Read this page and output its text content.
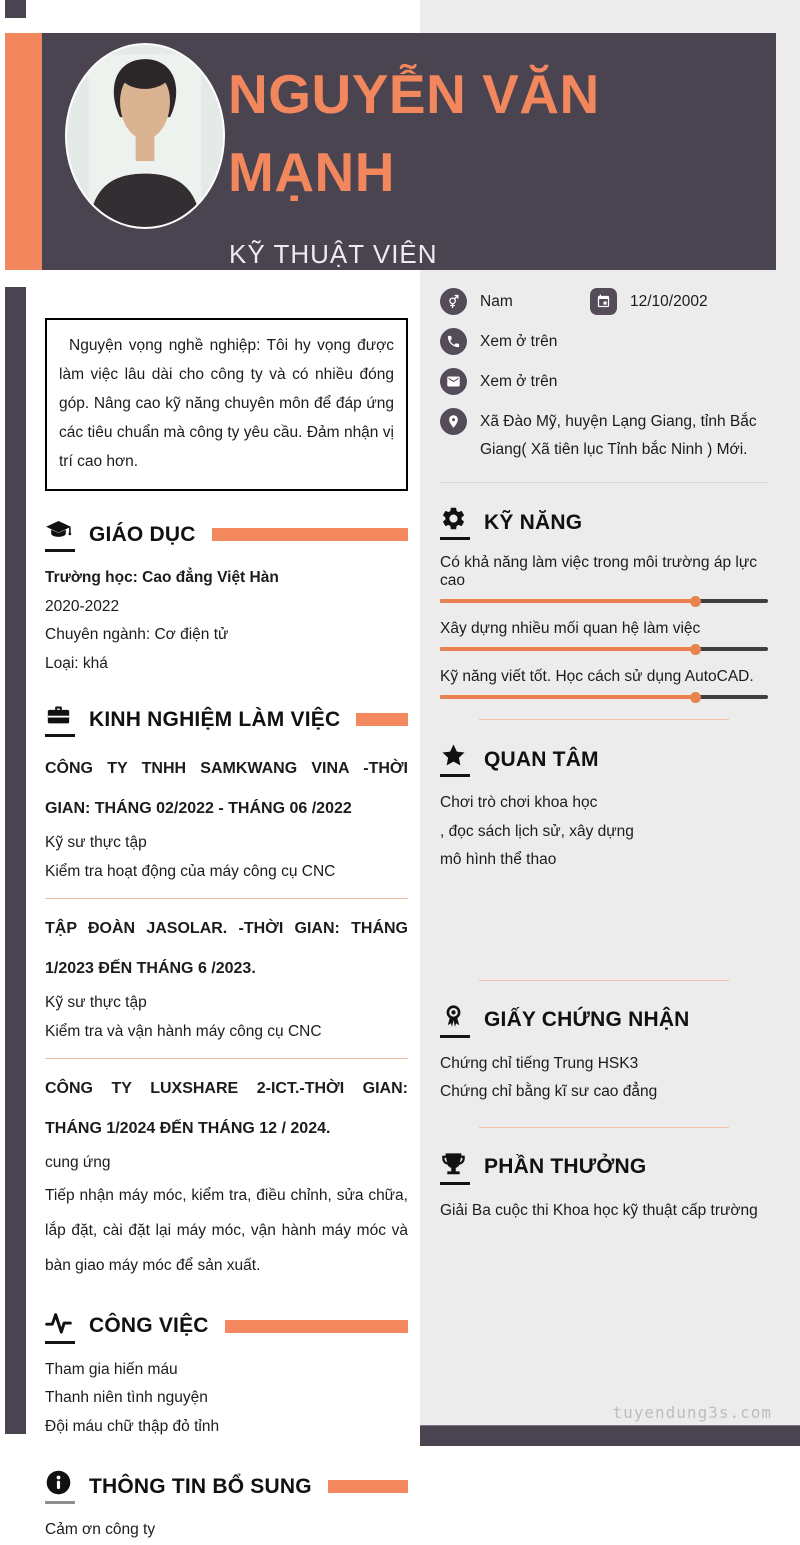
NGUYỄN VĂN
MẠNH
KỸ THUẬT VIÊN
Nguyện vọng nghề nghiệp: Tôi hy vọng được làm việc lâu dài cho công ty và có nhiều đóng góp. Nâng cao kỹ năng chuyên môn để đáp ứng các tiêu chuẩn mà công ty yêu cầu. Đảm nhận vị trí cao hơn.
GIÁO DỤC
Trường học: Cao đẳng Việt Hàn
2020-2022
Chuyên ngành: Cơ điện tử
Loại: khá
KINH NGHIỆM LÀM VIỆC
CÔNG TY TNHH SAMKWANG VINA -THỜI GIAN: THÁNG 02/2022 - THÁNG 06 /2022
Kỹ sư thực tập
Kiểm tra hoạt động của máy công cụ CNC
TẬP ĐOÀN JASOLAR. -THỜI GIAN: THÁNG 1/2023 ĐẾN THÁNG 6 /2023.
Kỹ sư thực tập
Kiểm tra và vận hành máy công cụ CNC
CÔNG TY LUXSHARE 2-ICT.-THỜI GIAN: THÁNG 1/2024 ĐẾN THÁNG 12 / 2024.
cung ứng
Tiếp nhận máy móc, kiểm tra, điều chỉnh, sửa chữa, lắp đặt, cài đặt lại máy móc, vận hành máy móc và bàn giao máy móc để sản xuất.
CÔNG VIỆC
Tham gia hiến máu
Thanh niên tình nguyện
Đội máu chữ thập đỏ tỉnh
THÔNG TIN BỔ SUNG
Cảm ơn công ty
Nam	12/10/2002
Xem ở trên
Xem ở trên
Xã Đào Mỹ, huyện Lạng Giang, tỉnh Bắc Giang( Xã tiên lục Tỉnh bắc Ninh ) Mới.
KỸ NĂNG
Có khả năng làm việc trong môi trường áp lực cao
Xây dựng nhiều mối quan hệ làm việc
Kỹ năng viết tốt. Học cách sử dụng AutoCAD.
QUAN TÂM
Chơi trò chơi khoa học
, đọc sách lịch sử, xây dựng
mô hình thể thao
GIẤY CHỨNG NHẬN
Chứng chỉ tiếng Trung HSK3
Chứng chỉ bằng kĩ sư cao đẳng
PHẦN THƯỞNG
Giải Ba cuộc thi Khoa học kỹ thuật cấp trường
tuyendung3s.com
